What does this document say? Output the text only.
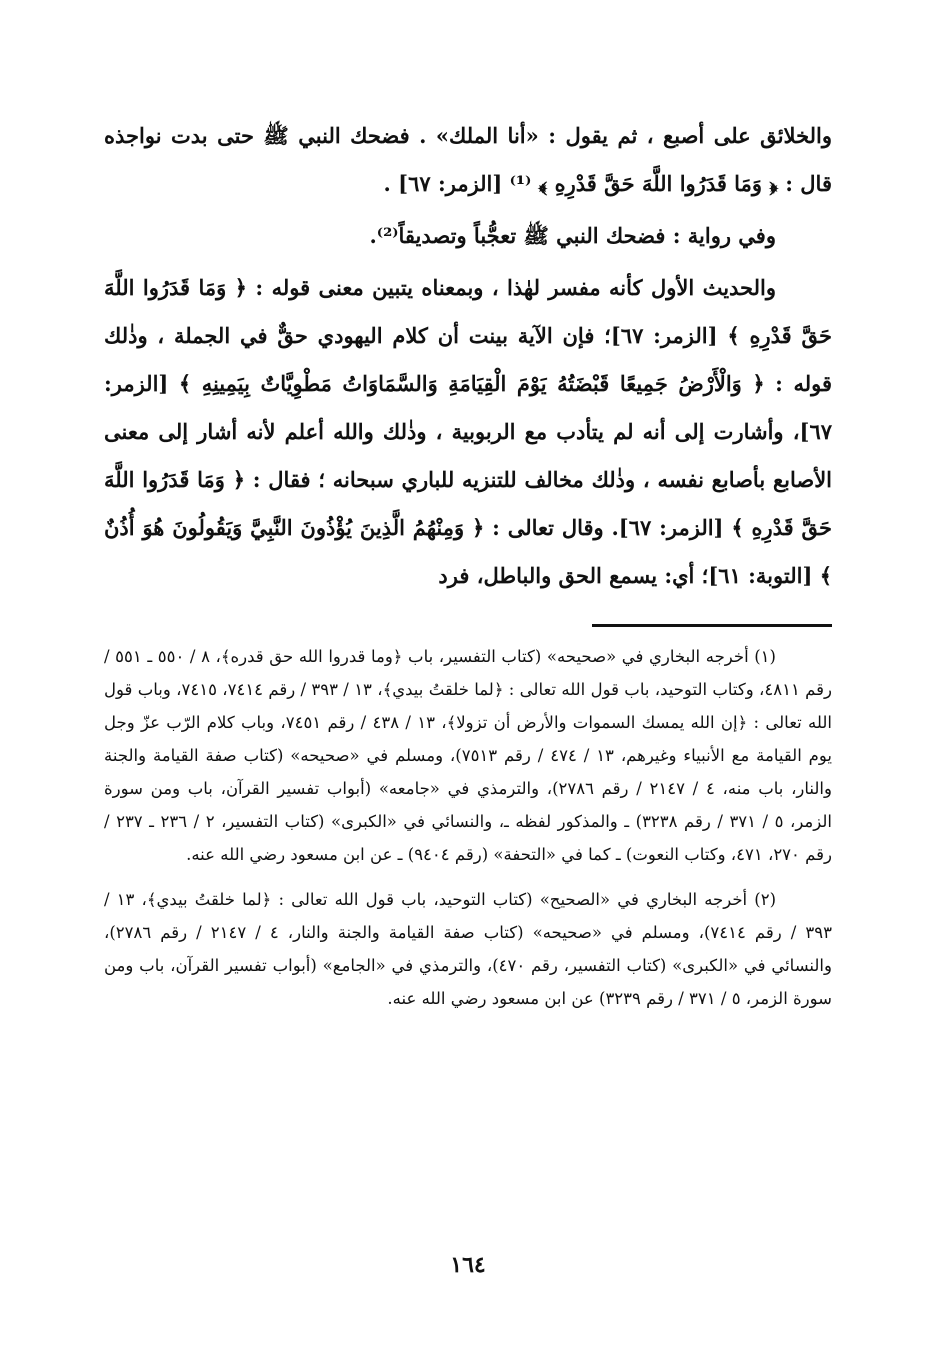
والخلائق على أصبع ، ثم يقول : «أنا الملك» . فضحك النبي ﷺ حتى بدت نواجذه قال : ﴿ وَمَا قَدَرُوا اللَّهَ حَقَّ قَدْرِهِ ﴾ ⁽¹⁾ [الزمر: ٦٧] .

وفي رواية : فضحك النبي ﷺ تعجُّباً وتصديقاً⁽²⁾.

والحديث الأول كأنه مفسر لهٰذا ، وبمعناه يتبين معنى قوله : ﴿ وَمَا قَدَرُوا اللَّهَ حَقَّ قَدْرِهِ ﴾ [الزمر: ٦٧]؛ فإن الآية بينت أن كلام اليهودي حقٌّ في الجملة ، وذٰلك قوله : ﴿ وَالْأَرْضُ جَمِيعًا قَبْضَتُهُ يَوْمَ الْقِيَامَةِ وَالسَّمَاوَاتُ مَطْوِيَّاتٌ بِيَمِينِهِ ﴾ [الزمر: ٦٧]، وأشارت إلى أنه لم يتأدب مع الربوبية ، وذٰلك والله أعلم لأنه أشار إلى معنى الأصابع بأصابع نفسه ، وذٰلك مخالف للتنزيه للباري سبحانه ؛ فقال : ﴿ وَمَا قَدَرُوا اللَّهَ حَقَّ قَدْرِهِ ﴾ [الزمر: ٦٧]. وقال تعالى : ﴿ وَمِنْهُمُ الَّذِينَ يُؤْذُونَ النَّبِيَّ وَيَقُولُونَ هُوَ أُذُنٌ ﴾ [التوبة: ٦١]؛ أي: يسمع الحق والباطل، فرد

(١) أخرجه البخاري في «صحيحه» (كتاب التفسير، باب ﴿وما قدروا الله حق قدره﴾، ٨ / ٥٥٠ ـ ٥٥١ / رقم ٤٨١١، وكتاب التوحيد، باب قول الله تعالى : ﴿لما خلقتُ بيدي﴾، ١٣ / ٣٩٣ / رقم ٧٤١٤، ٧٤١٥، وباب قول الله تعالى : ﴿إن الله يمسك السموات والأرض أن تزولا﴾، ١٣ / ٤٣٨ / رقم ٧٤٥١، وباب كلام الرّب عزّ وجل يوم القيامة مع الأنبياء وغيرهم، ١٣ / ٤٧٤ / رقم ٧٥١٣)، ومسلم في «صحيحه» (كتاب صفة القيامة والجنة والنار، باب منه، ٤ / ٢١٤٧ / رقم ٢٧٨٦)، والترمذي في «جامعه» (أبواب تفسير القرآن، باب ومن سورة الزمر، ٥ / ٣٧١ / رقم ٣٢٣٨) ـ والمذكور لفظه ـ، والنسائي في «الكبرى» (كتاب التفسير، ٢ / ٢٣٦ ـ ٢٣٧ / رقم ٢٧٠، ٤٧١، وكتاب النعوت) ـ كما في «التحفة» (رقم ٩٤٠٤) ـ عن ابن مسعود رضي الله عنه.

(٢) أخرجه البخاري في «الصحيح» (كتاب التوحيد، باب قول الله تعالى : ﴿لما خلقتُ بيدي﴾، ١٣ / ٣٩٣ / رقم ٧٤١٤)، ومسلم في «صحيحه» (كتاب صفة القيامة والجنة والنار، ٤ / ٢١٤٧ / رقم ٢٧٨٦)، والنسائي في «الكبرى» (كتاب التفسير، رقم ٤٧٠)، والترمذي في «الجامع» (أبواب تفسير القرآن، باب ومن سورة الزمر، ٥ / ٣٧١ / رقم ٣٢٣٩) عن ابن مسعود رضي الله عنه.

١٦٤
